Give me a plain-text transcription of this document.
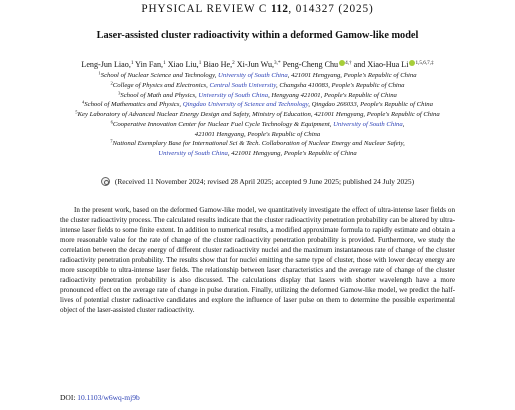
PHYSICAL REVIEW C 112, 014327 (2025)
Laser-assisted cluster radioactivity within a deformed Gamow-like model
Leng-Jun Liao,$^1$ Yin Fan,$^1$ Xiao Liu,$^1$ Biao He,$^2$ Xi-Jun Wu,$^{3,*}$ Peng-Cheng Chu $^{4,\dagger}$ and Xiao-Hua Li $^{1,5,6,7,\ddagger}$
$^1$School of Nuclear Science and Technology, University of South China, 421001 Hengyang, People's Republic of China
$^2$College of Physics and Electronics, Central South University, Changsha 410083, People's Republic of China
$^3$School of Math and Physics, University of South China, Hengyang 421001, People's Republic of China
$^4$School of Mathematics and Physics, Qingdao University of Science and Technology, Qingdao 266033, People's Republic of China
$^5$Key Laboratory of Advanced Nuclear Energy Design and Safety, Ministry of Education, 421001 Hengyang, People's Republic of China
$^6$Cooperative Innovation Center for Nuclear Fuel Cycle Technology & Equipment, University of South China,
421001 Hengyang, People's Republic of China
$^7$National Exemplary Base for International Sci & Tech. Collaboration of Nuclear Energy and Nuclear Safety,
University of South China, 421001 Hengyang, People's Republic of China
(Received 11 November 2024; revised 28 April 2025; accepted 9 June 2025; published 24 July 2025)

In the present work, based on the deformed Gamow-like model, we quantitatively investigate the effect of ultra-intense laser fields on the cluster radioactivity process. The calculated results indicate that the cluster radioactivity penetration probability can be altered by ultra-intense laser fields to some finite extent. In addition to numerical results, a modified approximate formula to rapidly estimate and obtain a more reasonable value for the rate of change of the cluster radioactivity penetration probability is provided. Furthermore, we study the correlation between the decay energy of different cluster radioactivity nuclei and the maximum instantaneous rate of change of the cluster radioactivity penetration probability. The results show that for nuclei emitting the same type of cluster, those with lower decay energy are more susceptible to ultra-intense laser fields. The relationship between laser characteristics and the average rate of change of the cluster radioactivity penetration probability is also discussed. The calculations display that lasers with shorter wavelength have a more pronounced effect on the average rate of change in pulse duration. Finally, utilizing the deformed Gamow-like model, we predict the half-lives of potential cluster radioactive candidates and explore the influence of laser pulse on them to determine the possible experimental object of the laser-assisted cluster radioactivity.

DOI: 10.1103/w6wq-mj9b
